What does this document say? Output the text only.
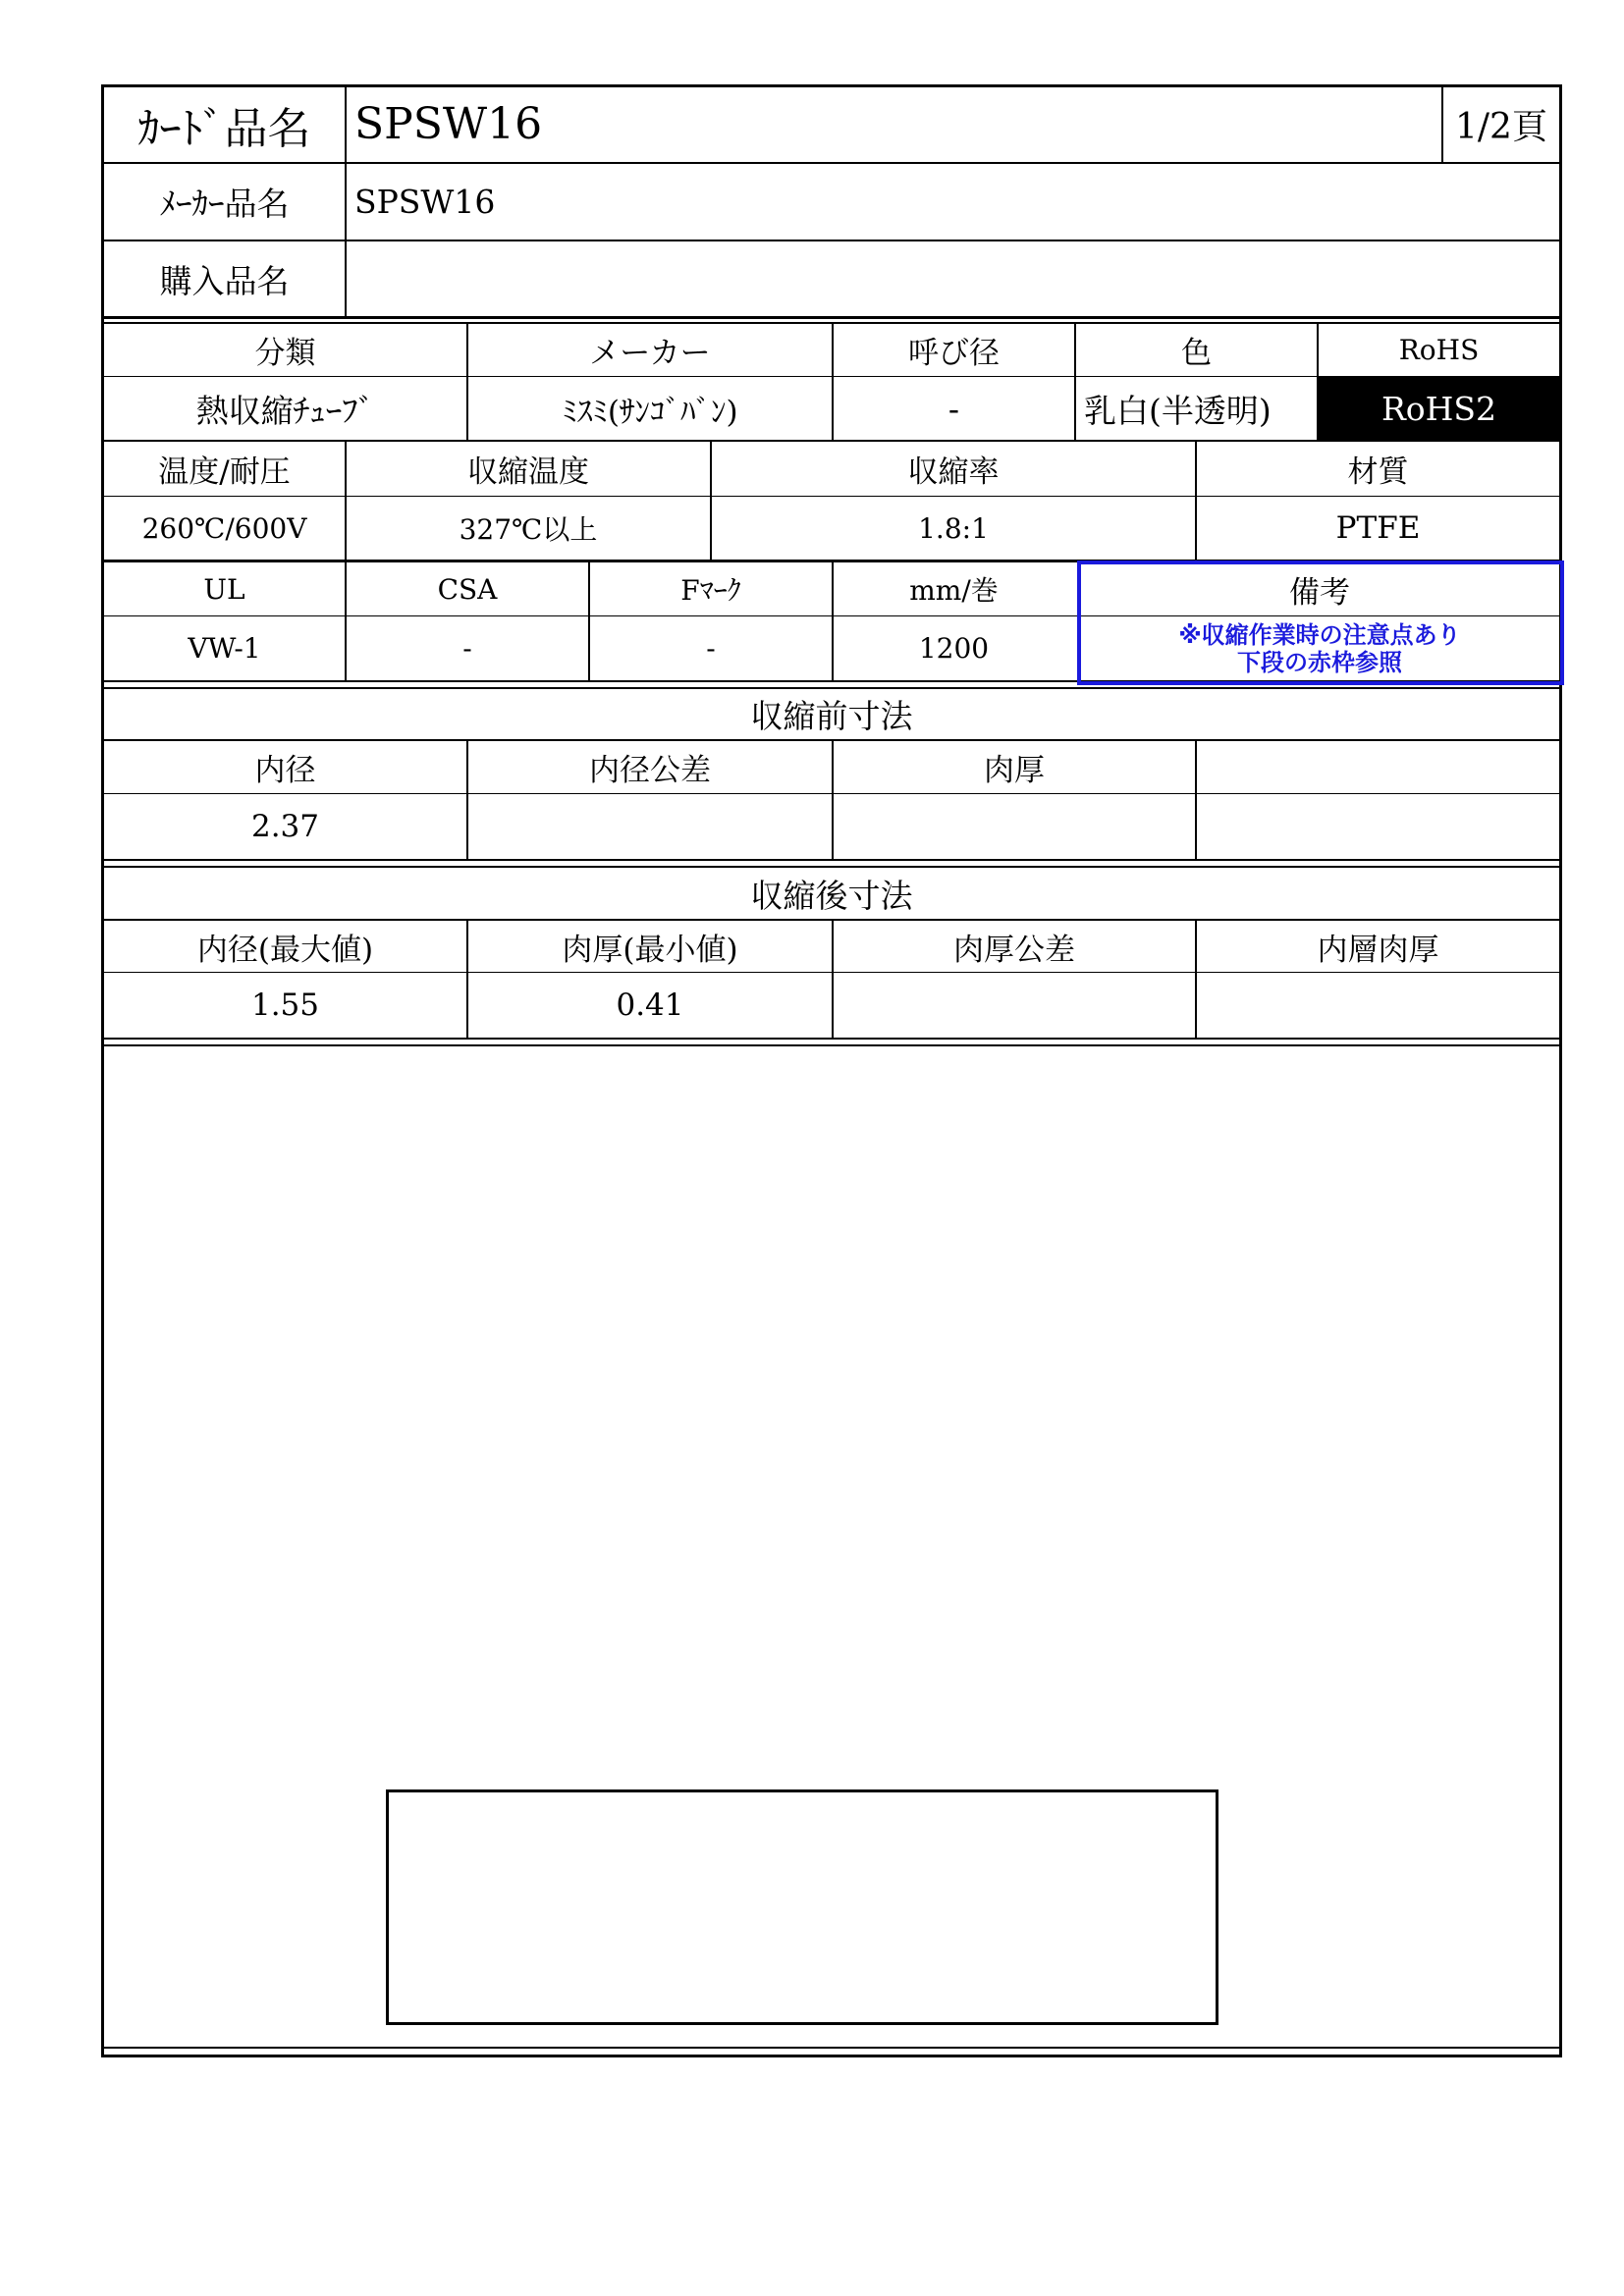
ｶｰﾄﾞ品名	SPSW16	1/2頁
ﾒｰｶｰ品名	SPSW16
購入品名
分類	メーカー	呼び径	色	RoHS
熱収縮ﾁｭｰﾌﾞ	ﾐｽﾐ(ｻﾝｺﾞﾊﾞﾝ)	-	乳白(半透明)	RoHS2
温度/耐圧	収縮温度	収縮率	材質
260℃/600V	327℃以上	1.8:1	PTFE
UL	CSA	Fﾏｰｸ	mm/巻	備考
VW-1	-	-	1200	※収縮作業時の注意点あり
下段の赤枠参照
収縮前寸法
内径	内径公差	肉厚
2.37
収縮後寸法
内径(最大値)	肉厚(最小値)	肉厚公差	内層肉厚
1.55	0.41
